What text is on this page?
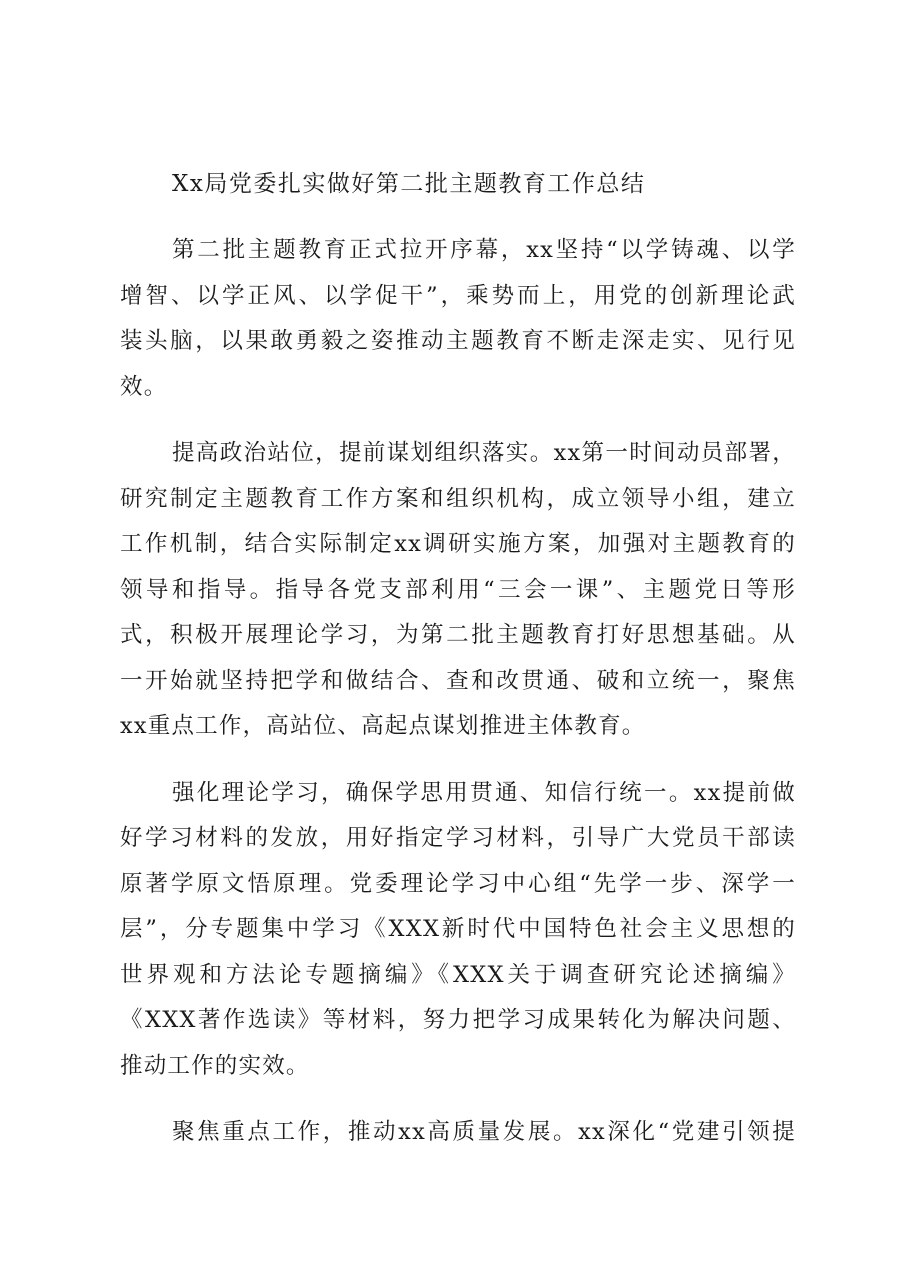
Xx局党委扎实做好第二批主题教育工作总结

第二批主题教育正式拉开序幕，xx坚持“以学铸魂、以学
增智、以学正风、以学促干”，乘势而上，用党的创新理论武
装头脑，以果敢勇毅之姿推动主题教育不断走深走实、见行见
效。

提高政治站位，提前谋划组织落实。xx第一时间动员部署，
研究制定主题教育工作方案和组织机构，成立领导小组，建立
工作机制，结合实际制定xx调研实施方案，加强对主题教育的
领导和指导。指导各党支部利用“三会一课”、主题党日等形
式，积极开展理论学习，为第二批主题教育打好思想基础。从
一开始就坚持把学和做结合、查和改贯通、破和立统一，聚焦
xx重点工作，高站位、高起点谋划推进主体教育。

强化理论学习，确保学思用贯通、知信行统一。xx提前做
好学习材料的发放，用好指定学习材料，引导广大党员干部读
原著学原文悟原理。党委理论学习中心组“先学一步、深学一
层”，分专题集中学习《XXX新时代中国特色社会主义思想的
世界观和方法论专题摘编》《XXX关于调查研究论述摘编》
《XXX著作选读》等材料，努力把学习成果转化为解决问题、
推动工作的实效。

聚焦重点工作，推动xx高质量发展。xx深化“党建引领提
